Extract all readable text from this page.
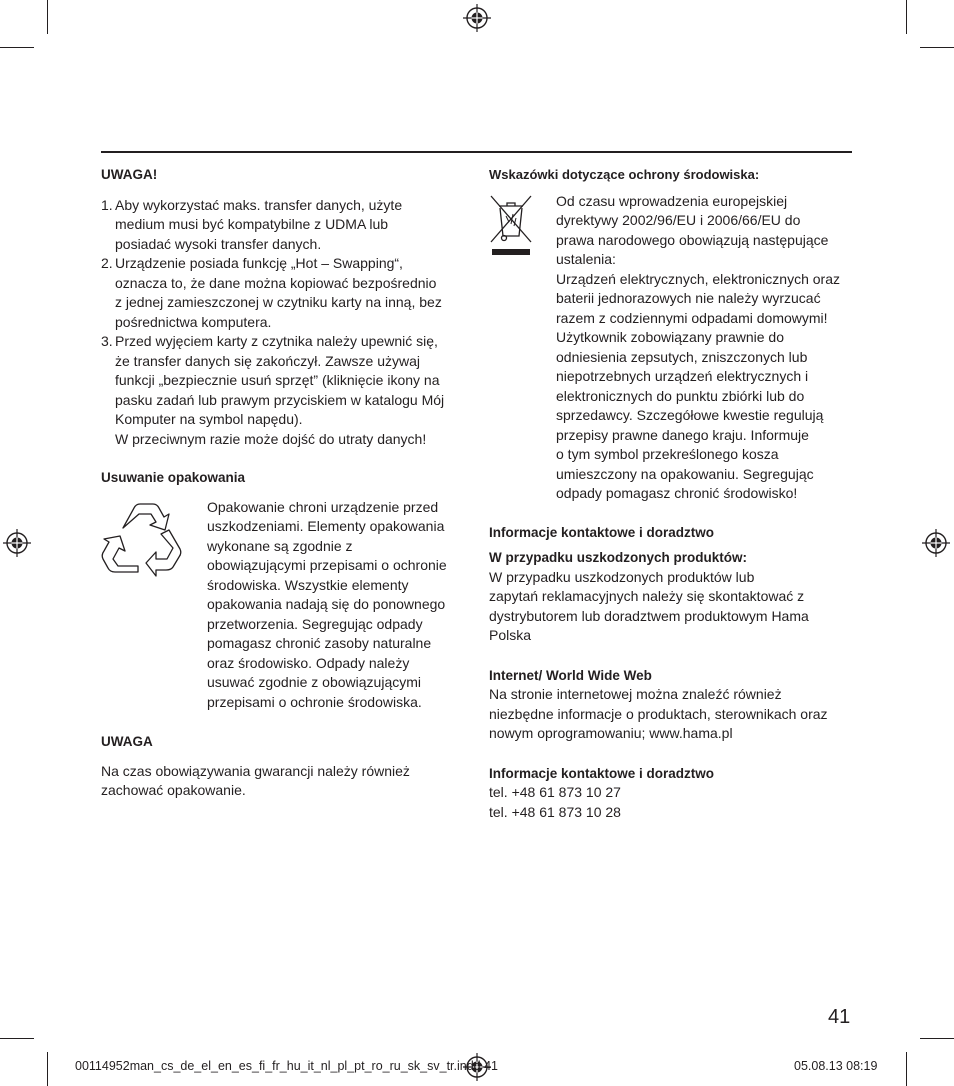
UWAGA!

1. Aby wykorzystać maks. transfer danych, użyte
medium musi być kompatybilne z UDMA lub
posiadać wysoki transfer danych.
2. Urządzenie posiada funkcję „Hot – Swapping“,
oznacza to, że dane można kopiować bezpośrednio
z jednej zamieszczonej w czytniku karty na inną, bez
pośrednictwa komputera.
3. Przed wyjęciem karty z czytnika należy upewnić się,
że transfer danych się zakończył. Zawsze używaj
funkcji „bezpiecznie usuń sprzęt” (kliknięcie ikony na
pasku zadań lub prawym przyciskiem w katalogu Mój
Komputer na symbol napędu).
W przeciwnym razie może dojść do utraty danych!

Usuwanie opakowania

Opakowanie chroni urządzenie przed
uszkodzeniami. Elementy opakowania
wykonane są zgodnie z
obowiązującymi przepisami o ochronie
środowiska. Wszystkie elementy
opakowania nadają się do ponownego
przetworzenia. Segregując odpady
pomagasz chronić zasoby naturalne
oraz środowisko. Odpady należy
usuwać zgodnie z obowiązującymi
przepisami o ochronie środowiska.

UWAGA

Na czas obowiązywania gwarancji należy również
zachować opakowanie.

Wskazówki dotyczące ochrony środowiska:

Od czasu wprowadzenia europejskiej
dyrektywy 2002/96/EU i 2006/66/EU do
prawa narodowego obowiązują następujące
ustalenia:
Urządzeń elektrycznych, elektronicznych oraz
baterii jednorazowych nie należy wyrzucać
razem z codziennymi odpadami domowymi!
Użytkownik zobowiązany prawnie do
odniesienia zepsutych, zniszczonych lub
niepotrzebnych urządzeń elektrycznych i
elektronicznych do punktu zbiórki lub do
sprzedawcy. Szczegółowe kwestie regulują
przepisy prawne danego kraju. Informuje
o tym symbol przekreślonego kosza
umieszczony na opakowaniu. Segregując
odpady pomagasz chronić środowisko!

Informacje kontaktowe i doradztwo

W przypadku uszkodzonych produktów:

W przypadku uszkodzonych produktów lub
zapytań reklamacyjnych należy się skontaktować z
dystrybutorem lub doradztwem produktowym Hama
Polska

Internet/ World Wide Web

Na stronie internetowej można znaleźć również
niezbędne informacje o produktach, sterownikach oraz
nowym oprogramowaniu; www.hama.pl

Informacje kontaktowe i doradztwo

tel. +48 61 873 10 27
tel. +48 61 873 10 28
41
00114952man_cs_de_el_en_es_fi_fr_hu_it_nl_pl_pt_ro_ru_sk_sv_tr.indd 41	05.08.13 08:19
